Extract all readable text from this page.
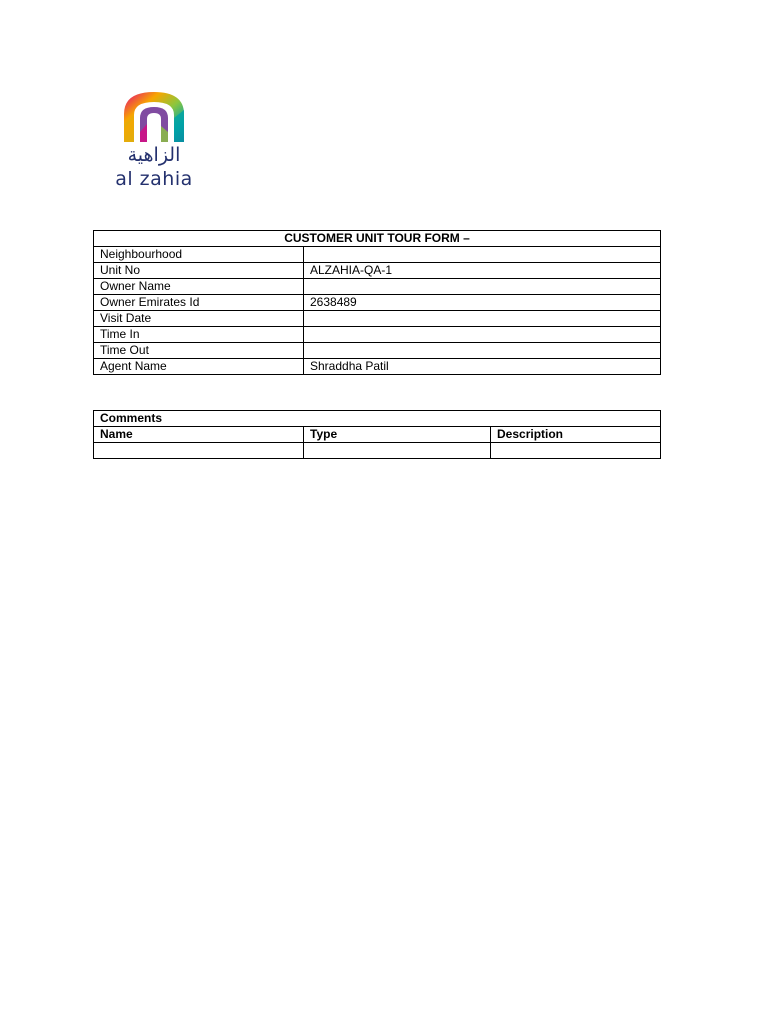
الزاهية
al zahia
CUSTOMER UNIT TOUR FORM –	
Neighbourhood	
Unit No	ALZAHIA-QA-1
Owner Name	
Owner Emirates Id	2638489
Visit Date	
Time In	
Time Out	
Agent Name	Shraddha Patil
Comments		
Name	Type	Description
